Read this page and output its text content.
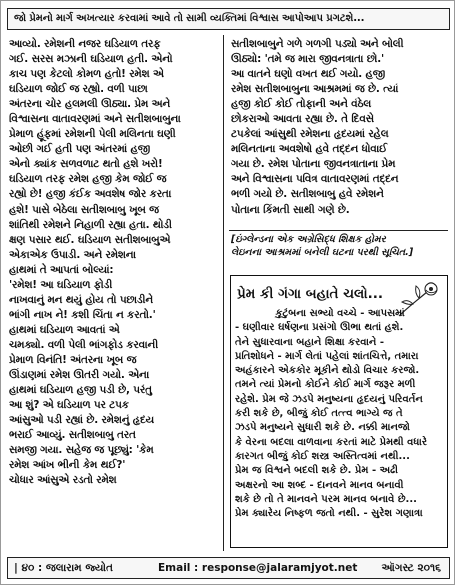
જો પ્રેમનો માર્ગ અખત્યાર કરવામાં આવે તો સામી વ્યક્તિમાં વિશ્વાસ આપોઆપ પ્રગટશે...
આવ્યો. રમેશની નજર ઘડિયાળ તરફ
ગઈ. સરસ મઝાની ઘડિયાળ હતી. એનો
કાચ પણ કેટલો કોમળ હતો! રમેશ એ
ઘડિયાળ જોઈ જ રહ્યો. વળી પાછા
અંતરના ચોર હલમલી ઊઠ્યા. પ્રેમ અને
વિશ્વાસના વાતાવરણમાં અને સતીશબાબુના
પ્રેમાળ હૂંફમાં રમેશની પેલી મલિનતા ઘણી
ઓછી ગઈ હતી પણ અંતરમાં હજી
એનો ક્યાંક સળવળાટ થતો હશે ખરો!
ઘડિયાળ તરફ રમેશ હજી કેમ જોઈ જ
રહ્યો છે! હજી કંઈક અવશેષ જોર કરતા
હશે! પાસે બેઠેલા સતીશબાબુ ખૂબ જ
શાંતિથી રમેશને નિહાળી રહ્યા હતા. થોડી
ક્ષણ પસાર થઈ. ઘડિયાળ સતીશબાબુએ
એકાએક ઉપાડી. અને રમેશના
હાથમાં તે આપતાં બોલ્યાં:
'રમેશ! આ ઘડિયાળ ફોડી
નાખવાનું મન થયું હોય તો પછાડીને
ભાંગી નાખ ને! કશી ચિંતા ન કરતો.'
હાથમાં ઘડિયાળ આવતાં એ
ચમક્યો. વળી પેલી ભાંગફોડ કરવાની
પ્રેમાળ વિનંતિ! અંતરના ખૂબ જ
ઊંડાણમાં રમેશ ઊતરી ગયો. એના
હાથમાં ઘડિયાળ હજી પડી છે, પરંતુ
આ શું? એ ઘડિયાળ પર ટપક
આંસુઓ પડી રહ્યાં છે. રમેશનું હૃદય
ભરાઈ આવ્યું. સતીશબાબુ તરત
સમજી ગયા. સહેજ જ પૂછ્યું: 'કેમ
રમેશ આંખ ભીની કેમ થઈ?'
ચોધાર આંસુએ રડતો રમેશ
સતીશબાબુને ગળે ગળગી પડ્યો અને બોલી
ઊઠ્યો: 'તમે જ મારા જીવનત્રાતા છો.'
આ વાતને ઘણો વખત થઈ ગયો. હજી
રમેશ સતીશબાબુના આશ્રમમાં જ છે. ત્યાં
હજી કોઈ કોઈ તોફાની અને વંઠેલ
છોકરાઓ આવતા રહ્યા છે. તે દિવસે
ટપકેલાં આંસુથી રમેશના હૃદયમાં રહેલ
મલિનતાના અવશેષો હવે તદ્દન ધોવાઈ
ગયા છે. રમેશ પોતાના જીવનત્રાતાના પ્રેમ
અને વિશ્વાસના પવિત્ર વાતાવરણમાં તદ્દન
ભળી ગયો છે. સતીશબાબુ હવે રમેશને
પોતાના કિંમતી સાથી ગણે છે.
[ઇંગ્લેન્ડના એક અગ્રેસિદ્ધ શિક્ષક હોમર
લેઇનના આશ્રમમાં બનેલી ઘટના પરથી સૂચિત.]
પ્રેમ કી ગંગા બહાતે ચલો...
કુટુંબના સભ્યો વચ્ચે - આપસમાં
- ઘણીવાર ઘર્ષણના પ્રસંગો ઊભા થતાં હશે.
તેને સુધારવાના બહાને શિક્ષા કરવાને -
પ્રતિશોધને - માર્ગ લેતાં પહેલાં શાંતચિત્તે, તમારા
અહંકારને એકકોર મૂકીને થોડો વિચાર કરજો.
તમને ત્યાં પ્રેમનો કોઈને કોઈ માર્ગ જરૂર મળી
રહેશે. પ્રેમ જે ઝડપે મનુષ્યના હૃદયનું પરિવર્તન
કરી શકે છે, બીજું કોઈ તત્ત્વ ભાગ્યે જ તે
ઝડપે મનુષ્યને સુધારી શકે છે. નક્કી માનજો
કે વેરના બદલા વાળવાના કરતાં માટે પ્રેમથી વધારે
કારગત બીજું કોઈ શસ્ત્ર અસ્તિત્વમાં નથી...
પ્રેમ જ વિશ્વને બદલી શકે છે. પ્રેમ - અઢી
અક્ષરનો આ શબ્દ - દાનવને માનવ બનાવી
શકે છે તો તે માનવને પરમ માનવ બનાવે છે...
પ્રેમ ક્યારેય નિષ્ફળ જતો નથી. - સુરેશ ગણાત્રા
| ૪૦ : જલારામ જ્યોત	Email : response@jalaramjyot.net ઑગસ્ટ ૨૦૧૬
